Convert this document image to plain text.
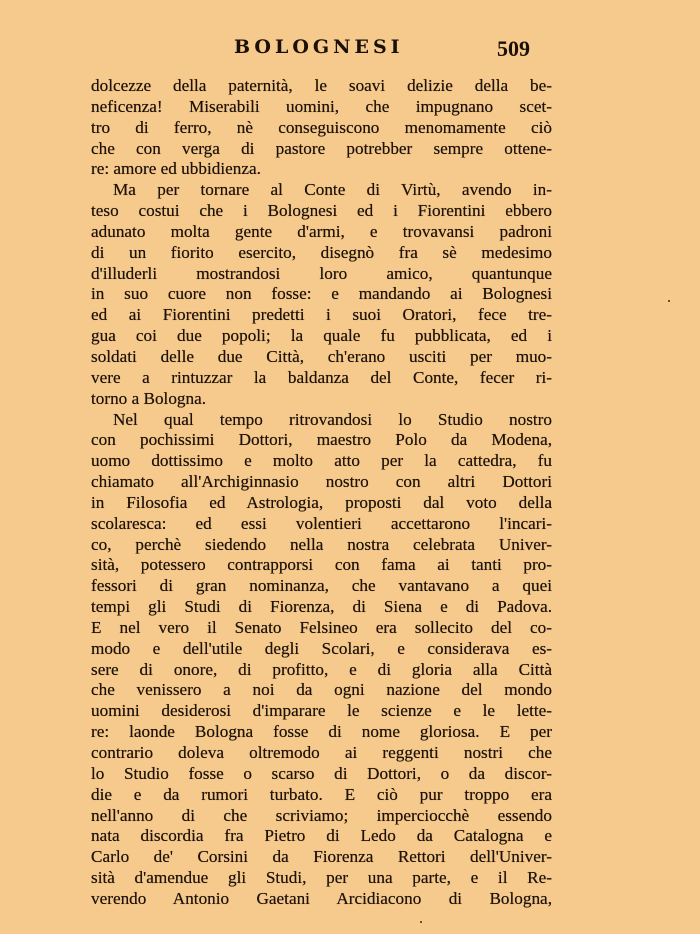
BOLOGNESI	509
dolcezze della paternità, le soavi delizie della be-
neficenza! Miserabili uomini, che impugnano scet-
tro di ferro, nè conseguiscono menomamente ciò
che con verga di pastore potrebber sempre ottene-
re: amore ed ubbidienza.
Ma per tornare al Conte di Virtù, avendo in-
teso costui che i Bolognesi ed i Fiorentini ebbero
adunato molta gente d'armi, e trovavansi padroni
di un fiorito esercito, disegnò fra sè medesimo
d'illuderli mostrandosi loro amico, quantunque
in suo cuore non fosse: e mandando ai Bolognesi
ed ai Fiorentini predetti i suoi Oratori, fece tre-
gua coi due popoli; la quale fu pubblicata, ed i
soldati delle due Città, ch'erano usciti per muo-
vere a rintuzzar la baldanza del Conte, fecer ri-
torno a Bologna.
Nel qual tempo ritrovandosi lo Studio nostro
con pochissimi Dottori, maestro Polo da Modena,
uomo dottissimo e molto atto per la cattedra, fu
chiamato all'Archiginnasio nostro con altri Dottori
in Filosofia ed Astrologia, proposti dal voto della
scolaresca: ed essi volentieri accettarono l'incari-
co, perchè siedendo nella nostra celebrata Univer-
sità, potessero contrapporsi con fama ai tanti pro-
fessori di gran nominanza, che vantavano a quei
tempi gli Studi di Fiorenza, di Siena e di Padova.
E nel vero il Senato Felsineo era sollecito del co-
modo e dell'utile degli Scolari, e considerava es-
sere di onore, di profitto, e di gloria alla Città
che venissero a noi da ogni nazione del mondo
uomini desiderosi d'imparare le scienze e le lette-
re: laonde Bologna fosse di nome gloriosa. E per
contrario doleva oltremodo ai reggenti nostri che
lo Studio fosse o scarso di Dottori, o da discor-
die e da rumori turbato. E ciò pur troppo era
nell'anno di che scriviamo; imperciocchè essendo
nata discordia fra Pietro di Ledo da Catalogna e
Carlo de' Corsini da Fiorenza Rettori dell'Univer-
sità d'amendue gli Studi, per una parte, e il Re-
verendo Antonio Gaetani Arcidiacono di Bologna,
